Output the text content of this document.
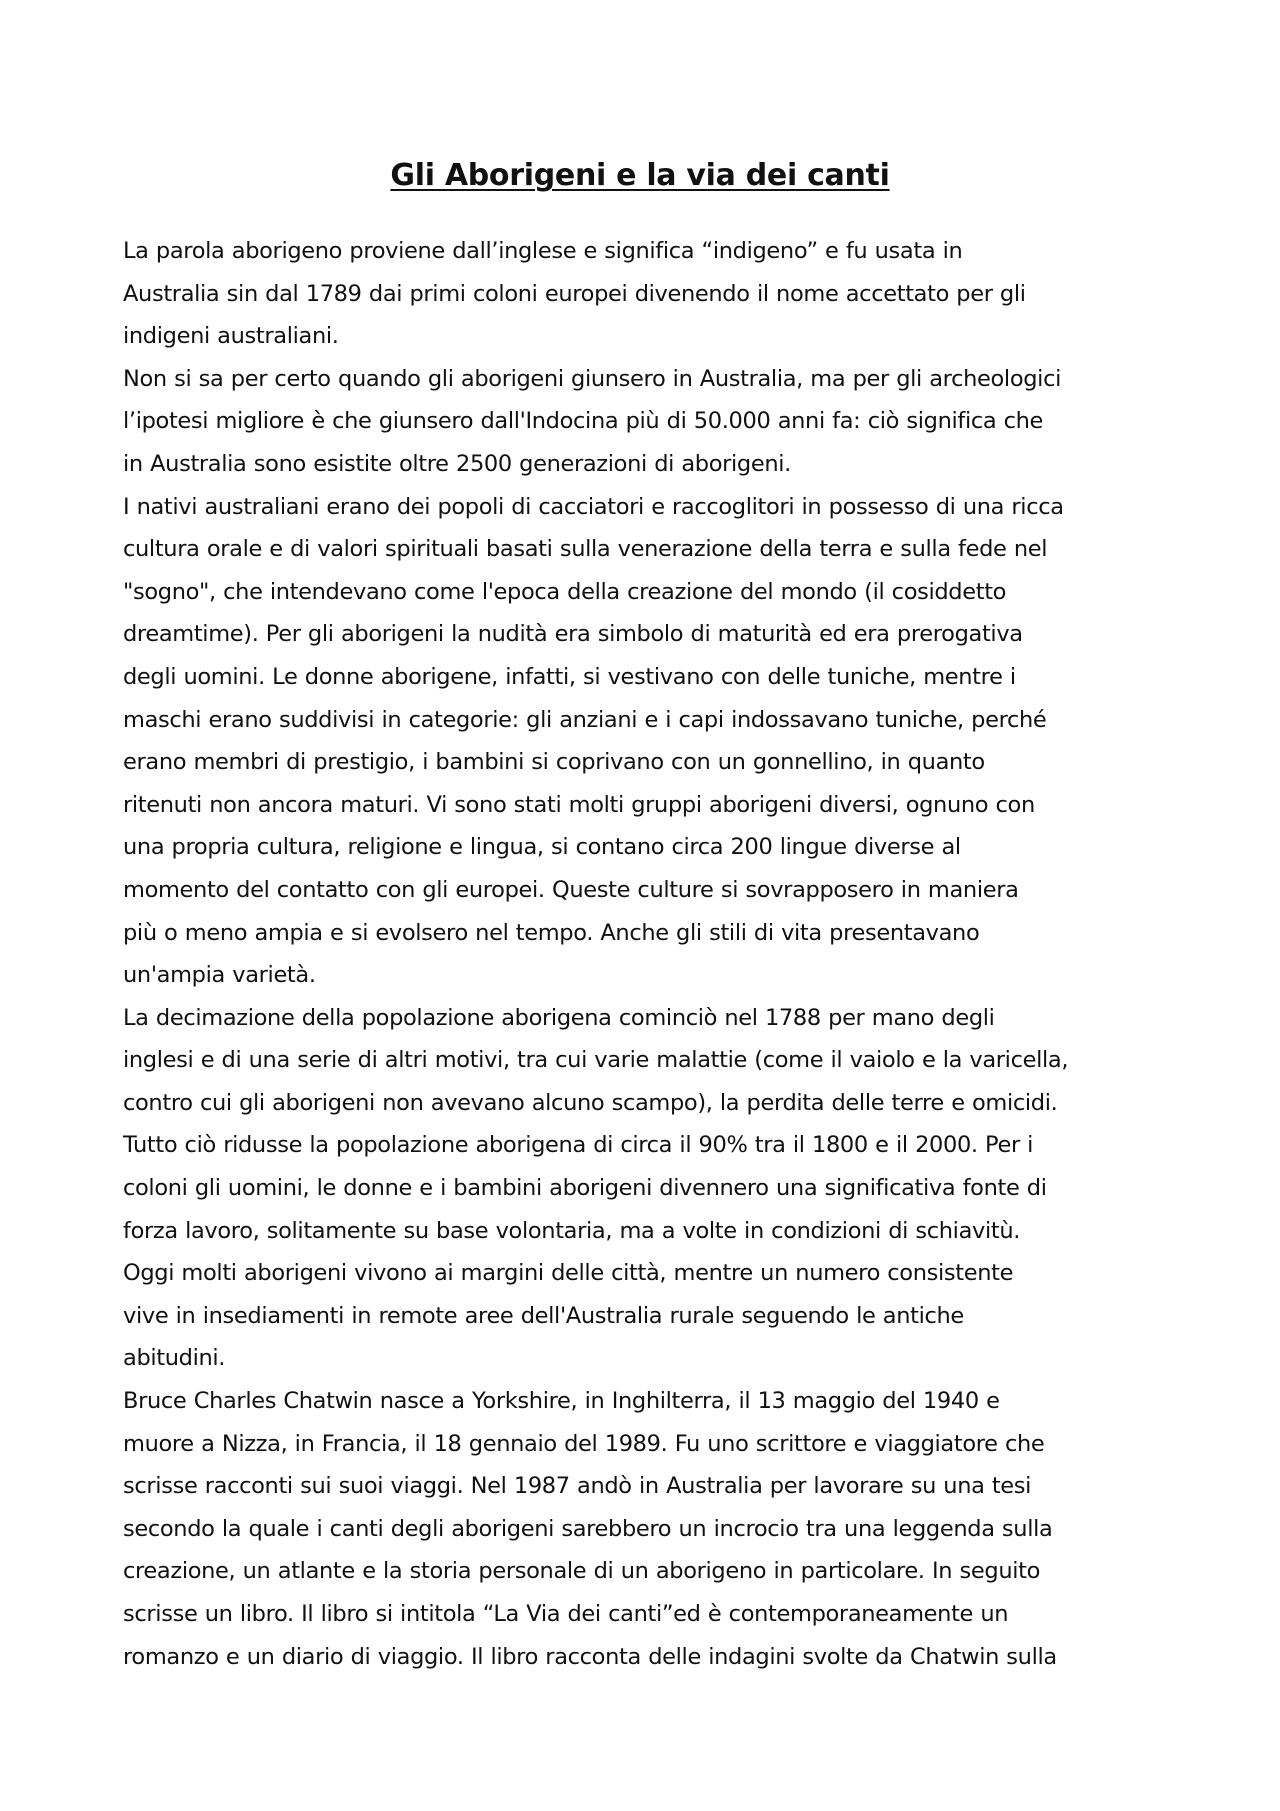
Gli Aborigeni e la via dei canti
La parola aborigeno proviene dall’inglese e significa “indigeno” e fu usata in
Australia sin dal 1789 dai primi coloni europei divenendo il nome accettato per gli
indigeni australiani.
Non si sa per certo quando gli aborigeni giunsero in Australia, ma per gli archeologici
l’ipotesi migliore è che giunsero dall'Indocina più di 50.000 anni fa: ciò significa che
in Australia sono esistite oltre 2500 generazioni di aborigeni.
I nativi australiani erano dei popoli di cacciatori e raccoglitori in possesso di una ricca
cultura orale e di valori spirituali basati sulla venerazione della terra e sulla fede nel
"sogno", che intendevano come l'epoca della creazione del mondo (il cosiddetto
dreamtime). Per gli aborigeni la nudità era simbolo di maturità ed era prerogativa
degli uomini. Le donne aborigene, infatti, si vestivano con delle tuniche, mentre i
maschi erano suddivisi in categorie: gli anziani e i capi indossavano tuniche, perché
erano membri di prestigio, i bambini si coprivano con un gonnellino, in quanto
ritenuti non ancora maturi. Vi sono stati molti gruppi aborigeni diversi, ognuno con
una propria cultura, religione e lingua, si contano circa 200 lingue diverse al
momento del contatto con gli europei. Queste culture si sovrapposero in maniera
più o meno ampia e si evolsero nel tempo. Anche gli stili di vita presentavano
un'ampia varietà.
La decimazione della popolazione aborigena cominciò nel 1788 per mano degli
inglesi e di una serie di altri motivi, tra cui varie malattie (come il vaiolo e la varicella,
contro cui gli aborigeni non avevano alcuno scampo), la perdita delle terre e omicidi.
Tutto ciò ridusse la popolazione aborigena di circa il 90% tra il 1800 e il 2000. Per i
coloni gli uomini, le donne e i bambini aborigeni divennero una significativa fonte di
forza lavoro, solitamente su base volontaria, ma a volte in condizioni di schiavitù.
Oggi molti aborigeni vivono ai margini delle città, mentre un numero consistente
vive in insediamenti in remote aree dell'Australia rurale seguendo le antiche
abitudini.
Bruce Charles Chatwin nasce a Yorkshire, in Inghilterra, il 13 maggio del 1940 e
muore a Nizza, in Francia, il 18 gennaio del 1989. Fu uno scrittore e viaggiatore che
scrisse racconti sui suoi viaggi. Nel 1987 andò in Australia per lavorare su una tesi
secondo la quale i canti degli aborigeni sarebbero un incrocio tra una leggenda sulla
creazione, un atlante e la storia personale di un aborigeno in particolare. In seguito
scrisse un libro. Il libro si intitola “La Via dei canti”ed è contemporaneamente un
romanzo e un diario di viaggio. Il libro racconta delle indagini svolte da Chatwin sulla
